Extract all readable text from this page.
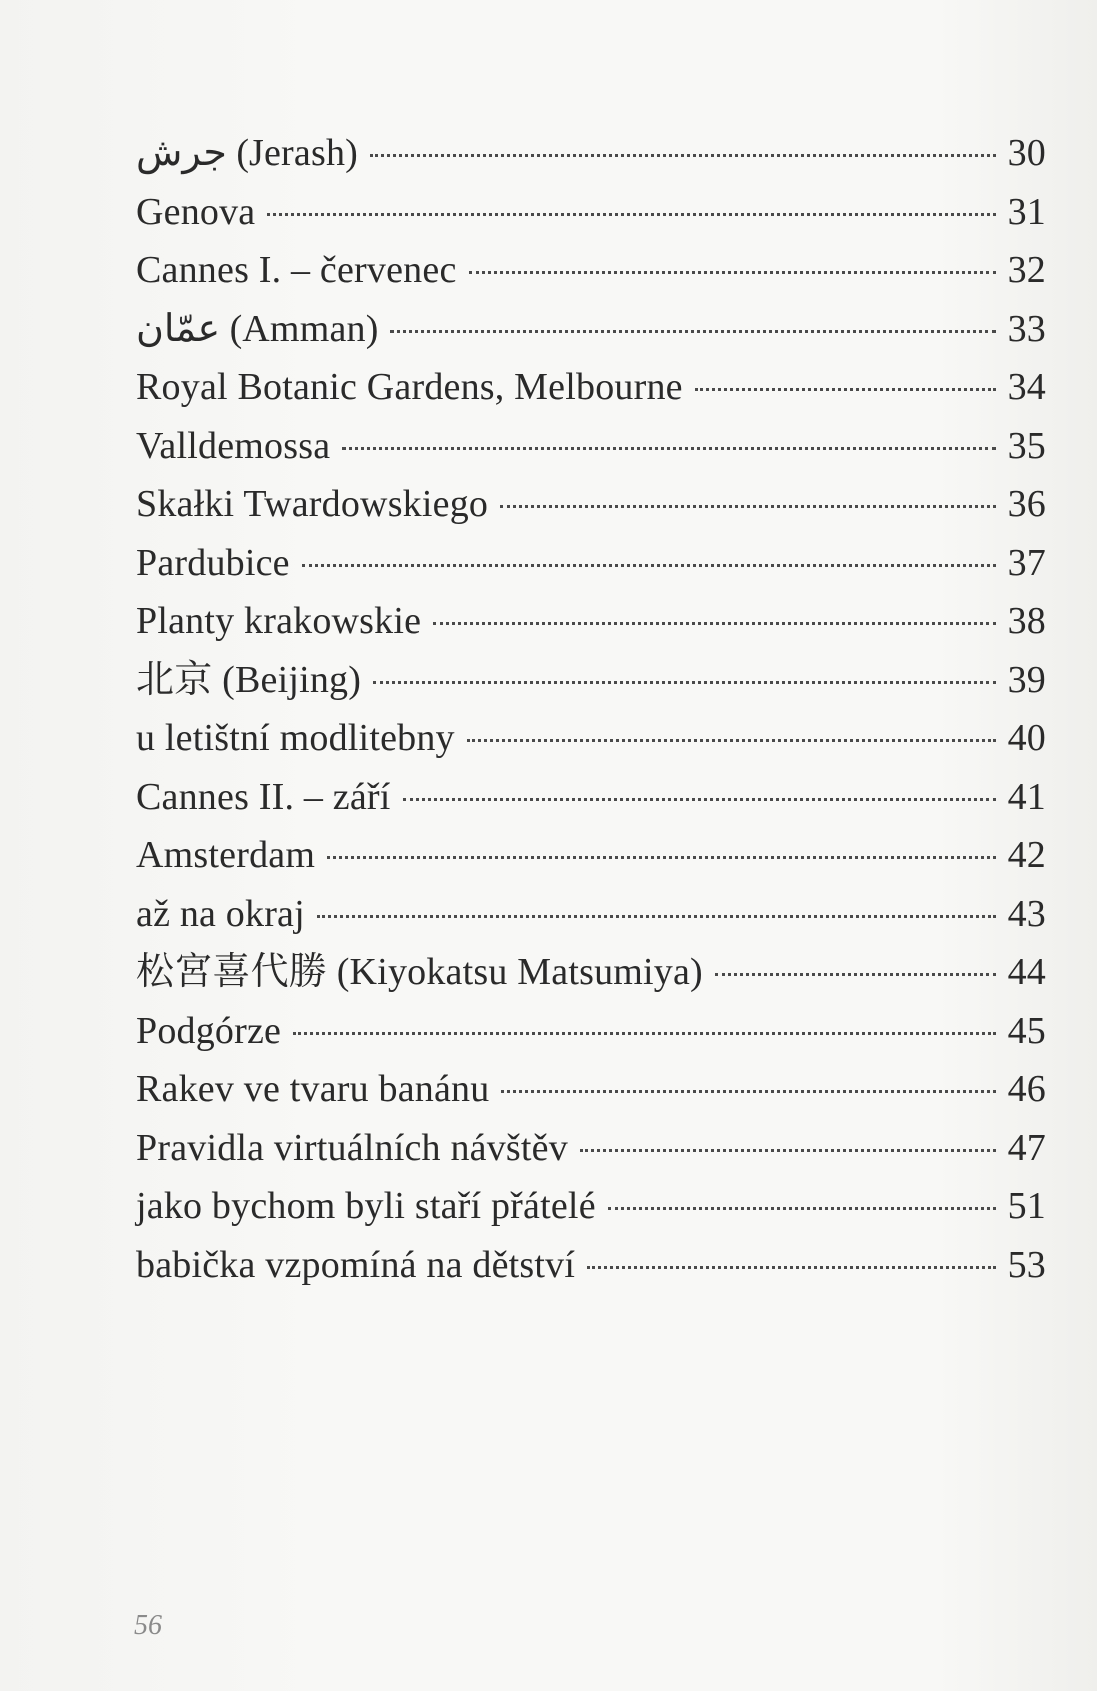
جرش (Jerash)	30
Genova	31
Cannes I. – červenec	32
عمّان (Amman)	33
Royal Botanic Gardens, Melbourne	34
Valldemossa	35
Skałki Twardowskiego	36
Pardubice	37
Planty krakowskie	38
北京 (Beijing)	39
u letištní modlitebny	40
Cannes II. – září	41
Amsterdam	42
až na okraj	43
松宮喜代勝 (Kiyokatsu Matsumiya)	44
Podgórze	45
Rakev ve tvaru banánu	46
Pravidla virtuálních návštěv	47
jako bychom byli staří přátelé	51
babička vzpomíná na dětství	53
56
